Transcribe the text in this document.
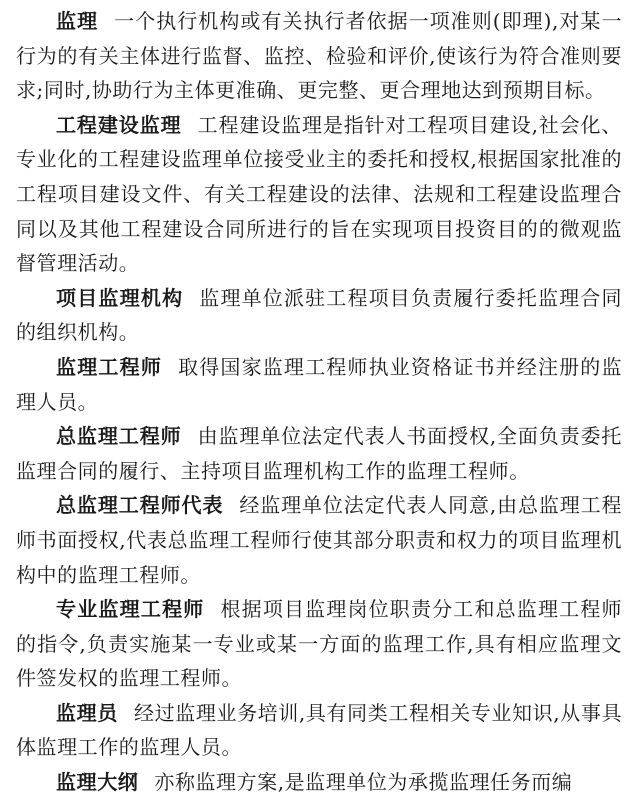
监理 一个执行机构或有关执行者依据一项准则(即理),对某一行为的有关主体进行监督、监控、检验和评价,使该行为符合准则要求;同时,协助行为主体更准确、更完整、更合理地达到预期目标。

工程建设监理 工程建设监理是指针对工程项目建设,社会化、专业化的工程建设监理单位接受业主的委托和授权,根据国家批准的工程项目建设文件、有关工程建设的法律、法规和工程建设监理合同以及其他工程建设合同所进行的旨在实现项目投资目的的微观监督管理活动。

项目监理机构 监理单位派驻工程项目负责履行委托监理合同的组织机构。

监理工程师 取得国家监理工程师执业资格证书并经注册的监理人员。

总监理工程师 由监理单位法定代表人书面授权,全面负责委托监理合同的履行、主持项目监理机构工作的监理工程师。

总监理工程师代表 经监理单位法定代表人同意,由总监理工程师书面授权,代表总监理工程师行使其部分职责和权力的项目监理机构中的监理工程师。

专业监理工程师 根据项目监理岗位职责分工和总监理工程师的指令,负责实施某一专业或某一方面的监理工作,具有相应监理文件签发权的监理工程师。

监理员 经过监理业务培训,具有同类工程相关专业知识,从事具体监理工作的监理人员。

监理大纲 亦称监理方案,是监理单位为承揽监理任务而编
